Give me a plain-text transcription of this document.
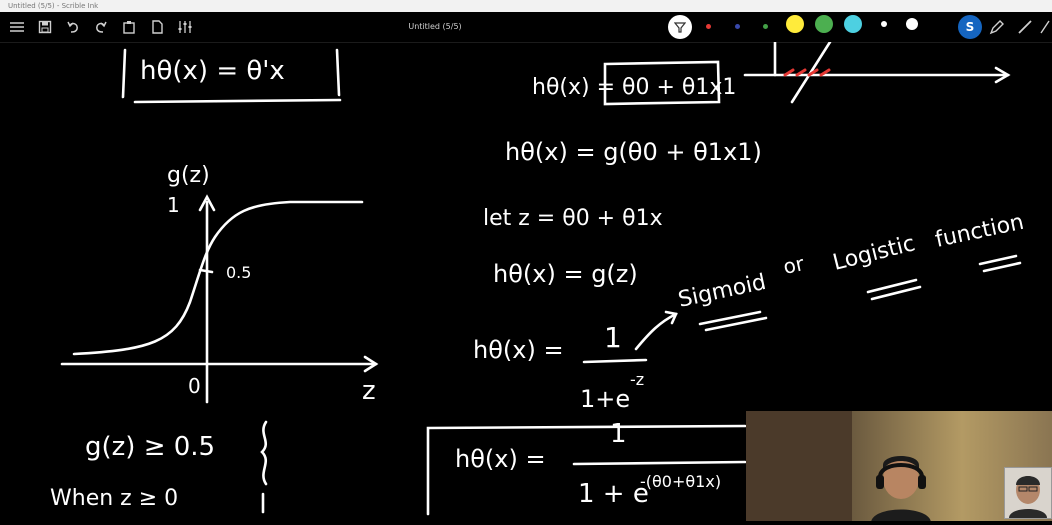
Untitled (5/5) - Scrible Ink
Untitled (5/5)	S
hθ(x) = θ'x
hθ(x) = θ0 + θ1x1
hθ(x) = g(θ0 + θ1x1)
let z = θ0 + θ1x
hθ(x) = g(z)
hθ(x) = 1
1+e
-z
Sigmoid
or Logistic
function
g(z)
1
0.5
0	z
g(z) ≥ 0.5
When z ≥ 0
hθ(x) =
1
1 + e
-(θ0+θ1x)
